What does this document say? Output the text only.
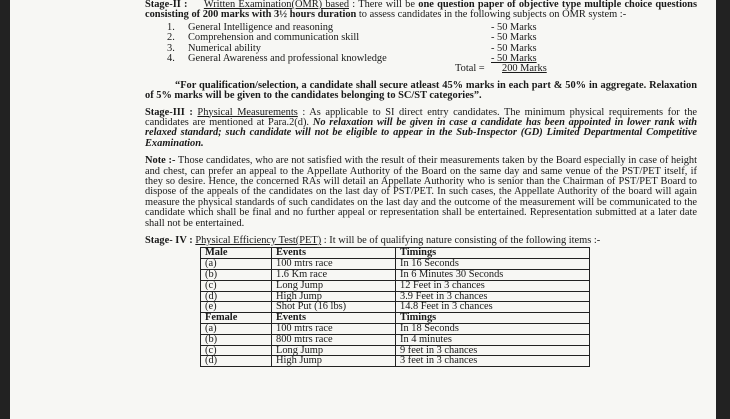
Stage-II : Written Examination(OMR) based : There will be one question paper of objective type multiple choice questions consisting of 200 marks with 3½ hours duration to assess candidates in the following subjects on OMR system :-

1. General Intelligence and reasoning	- 50 Marks
2. Comprehension and communication skill	- 50 Marks
3. Numerical ability	- 50 Marks
4. General Awareness and professional knowledge	- 50 Marks
Total = 200 Marks

“For qualification/selection, a candidate shall secure atleast 45% marks in each part & 50% in aggregate. Relaxation of 5% marks will be given to the candidates belonging to SC/ST categories”.

Stage-III : Physical Measurements : As applicable to SI direct entry candidates. The minimum physical requirements for the candidates are mentioned at Para.2(d). No relaxation will be given in case a candidate has been appointed in lower rank with relaxed standard; such candidate will not be eligible to appear in the Sub-Inspector (GD) Limited Departmental Competitive Examination.

Note :- Those candidates, who are not satisfied with the result of their measurements taken by the Board especially in case of height and chest, can prefer an appeal to the Appellate Authority of the Board on the same day and same venue of the PST/PET itself, if they so desire. Hence, the concerned RAs will detail an Appellate Authority who is senior than the Chairman of PST/PET Board to dispose of the appeals of the candidates on the last day of PST/PET. In such cases, the Appellate Authority of the board will again measure the physical standards of such candidates on the last day and the outcome of the measurement will be communicated to the candidate which shall be final and no further appeal or representation shall be entertained. Representation submitted at a later date shall not be entertained.

Stage- IV : Physical Efficiency Test(PET) : It will be of qualifying nature consisting of the following items :-

Male	Events	Timings
(a)	100 mtrs race	In 16 Seconds
(b)	1.6 Km race	In 6 Minutes 30 Seconds
(c)	Long Jump	12 Feet in 3 chances
(d)	High Jump	3.9 Feet in 3 chances
(e)	Shot Put (16 lbs)	14.8 Feet in 3 chances
Female	Events	Timings
(a)	100 mtrs race	In 18 Seconds
(b)	800 mtrs race	In 4 minutes
(c)	Long Jump	9 feet in 3 chances
(d)	High Jump	3 feet in 3 chances
